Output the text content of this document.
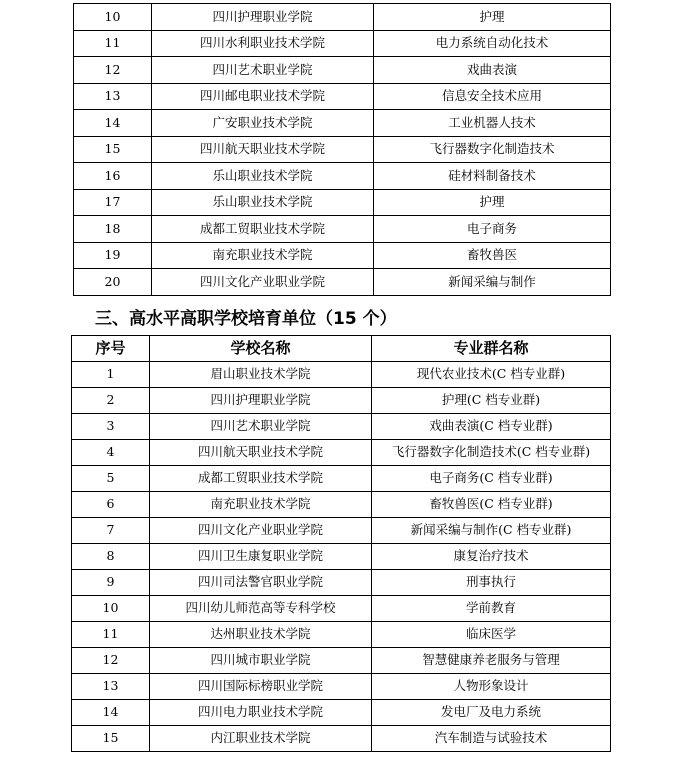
10	四川护理职业学院	护理
11	四川水利职业技术学院	电力系统自动化技术
12	四川艺术职业学院	戏曲表演
13	四川邮电职业技术学院	信息安全技术应用
14	广安职业技术学院	工业机器人技术
15	四川航天职业技术学院	飞行器数字化制造技术
16	乐山职业技术学院	硅材料制备技术
17	乐山职业技术学院	护理
18	成都工贸职业技术学院	电子商务
19	南充职业技术学院	畜牧兽医
20	四川文化产业职业学院	新闻采编与制作
三、高水平高职学校培育单位（15 个）
序号	学校名称	专业群名称
1	眉山职业技术学院	现代农业技术(C 档专业群)
2	四川护理职业学院	护理(C 档专业群)
3	四川艺术职业学院	戏曲表演(C 档专业群)
4	四川航天职业技术学院	飞行器数字化制造技术(C 档专业群)
5	成都工贸职业技术学院	电子商务(C 档专业群)
6	南充职业技术学院	畜牧兽医(C 档专业群)
7	四川文化产业职业学院	新闻采编与制作(C 档专业群)
8	四川卫生康复职业学院	康复治疗技术
9	四川司法警官职业学院	刑事执行
10	四川幼儿师范高等专科学校	学前教育
11	达州职业技术学院	临床医学
12	四川城市职业学院	智慧健康养老服务与管理
13	四川国际标榜职业学院	人物形象设计
14	四川电力职业技术学院	发电厂及电力系统
15	内江职业技术学院	汽车制造与试验技术
